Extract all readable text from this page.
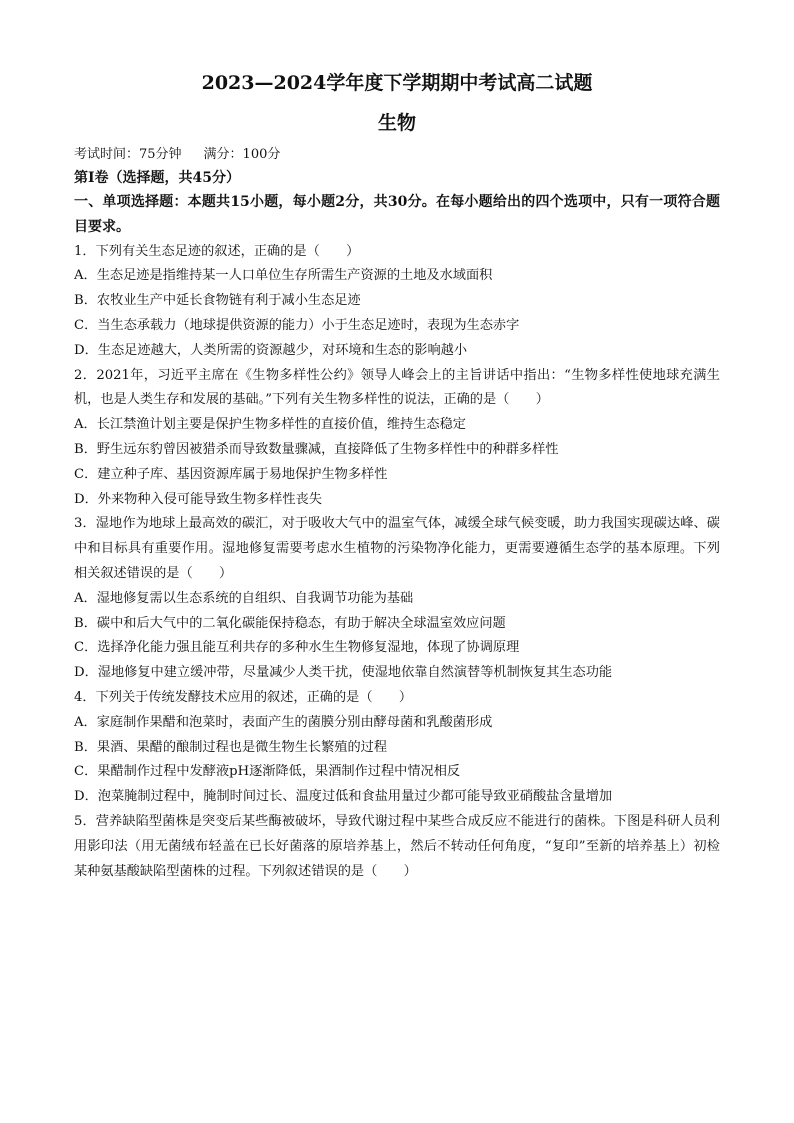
2023—2024学年度下学期期中考试高二试题
生物
考试时间：75分钟 满分：100分
第Ⅰ卷（选择题，共45分）
一、单项选择题：本题共15小题，每小题2分，共30分。在每小题给出的四个选项中，只有一项符合题目要求。
1．下列有关生态足迹的叙述，正确的是（　　）
A．生态足迹是指维持某一人口单位生存所需生产资源的土地及水域面积
B．农牧业生产中延长食物链有利于减小生态足迹
C．当生态承载力（地球提供资源的能力）小于生态足迹时，表现为生态赤字
D．生态足迹越大，人类所需的资源越少，对环境和生态的影响越小
2．2021年，习近平主席在《生物多样性公约》领导人峰会上的主旨讲话中指出：“生物多样性使地球充满生机，也是人类生存和发展的基础。”下列有关生物多样性的说法，正确的是（　　）
A．长江禁渔计划主要是保护生物多样性的直接价值，维持生态稳定
B．野生远东豹曾因被猎杀而导致数量骤减，直接降低了生物多样性中的种群多样性
C．建立种子库、基因资源库属于易地保护生物多样性
D．外来物种入侵可能导致生物多样性丧失
3．湿地作为地球上最高效的碳汇，对于吸收大气中的温室气体，减缓全球气候变暖，助力我国实现碳达峰、碳中和目标具有重要作用。湿地修复需要考虑水生植物的污染物净化能力，更需要遵循生态学的基本原理。下列相关叙述错误的是（　　）
A．湿地修复需以生态系统的自组织、自我调节功能为基础
B．碳中和后大气中的二氧化碳能保持稳态，有助于解决全球温室效应问题
C．选择净化能力强且能互利共存的多种水生生物修复湿地，体现了协调原理
D．湿地修复中建立缓冲带，尽量减少人类干扰，使湿地依靠自然演替等机制恢复其生态功能
4．下列关于传统发酵技术应用的叙述，正确的是（　　）
A．家庭制作果醋和泡菜时，表面产生的菌膜分别由酵母菌和乳酸菌形成
B．果酒、果醋的酿制过程也是微生物生长繁殖的过程
C．果醋制作过程中发酵液pH逐渐降低，果酒制作过程中情况相反
D．泡菜腌制过程中，腌制时间过长、温度过低和食盐用量过少都可能导致亚硝酸盐含量增加
5．营养缺陷型菌株是突变后某些酶被破坏，导致代谢过程中某些合成反应不能进行的菌株。下图是科研人员利用影印法（用无菌绒布轻盖在已长好菌落的原培养基上，然后不转动任何角度，“复印”至新的培养基上）初检某种氨基酸缺陷型菌株的过程。下列叙述错误的是（　　）
